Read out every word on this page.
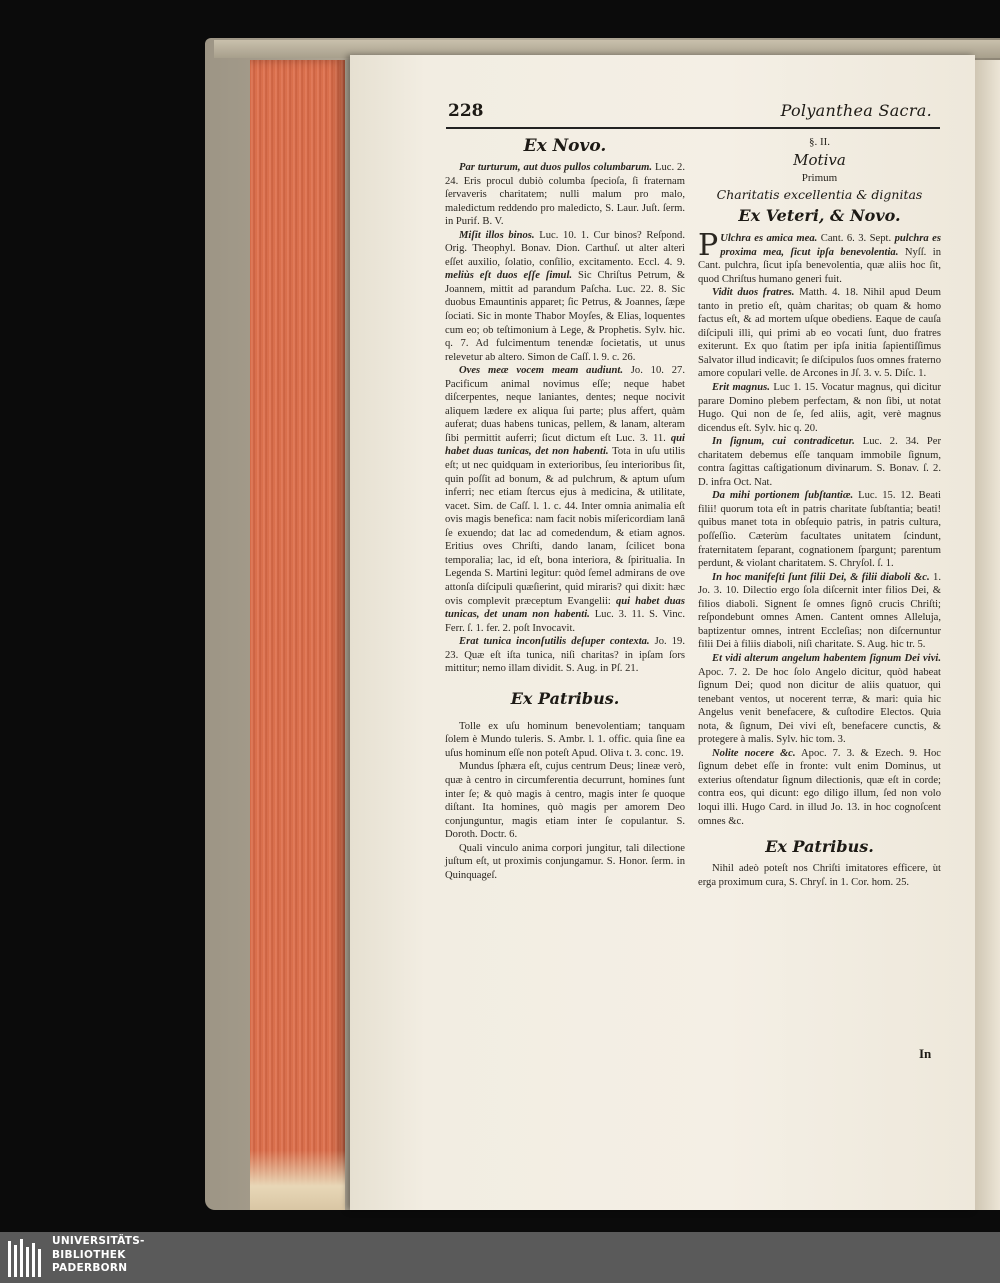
228	Polyanthea Sacra.
Ex Novo.

Par turturum, aut duos pullos columbarum. Luc. 2. 24. Eris procul dubiò columba ſpecioſa, ſi fraternam ſervaveris charitatem; nulli malum pro malo, maledictum reddendo pro maledicto, S. Laur. Juſt. ſerm. in Purif. B. V.

Miſit illos binos. Luc. 10. 1. Cur binos? Reſpond. Orig. Theophyl. Bonav. Dion. Carthuſ. ut alter alteri eſſet auxilio, ſolatio, conſilio, excitamento. Eccl. 4. 9. meliùs eſt duos eſſe ſimul. Sic Chriſtus Petrum, & Joannem, mittit ad parandum Paſcha. Luc. 22. 8. Sic duobus Emauntinis apparet; ſic Petrus, & Joannes, ſæpe ſociati. Sic in monte Thabor Moyſes, & Elias, loquentes cum eo; ob teſtimonium à Lege, & Prophetis. Sylv. hic. q. 7. Ad fulcimentum tenendæ ſocietatis, ut unus relevetur ab altero. Simon de Caſſ. l. 9. c. 26.

Oves meæ vocem meam audiunt. Jo. 10. 27. Pacificum animal novimus eſſe; neque habet diſcerpentes, neque laniantes, dentes; neque nocivit aliquem lædere ex aliqua ſui parte; plus affert, quàm auferat; duas habens tunicas, pellem, & lanam, alteram ſibi permittit auferri; ſicut dictum eſt Luc. 3. 11. qui habet duas tunicas, det non habenti. Tota in uſu utilis eſt; ut nec quidquam in exterioribus, ſeu interioribus ſit, quin poſſit ad bonum, & ad pulchrum, & aptum uſum inferri; nec etiam ſtercus ejus à medicina, & utilitate, vacet. Sim. de Caſſ. l. 1. c. 44. Inter omnia animalia eſt ovis magis benefica: nam facit nobis miſericordiam lanâ ſe exuendo; dat lac ad comedendum, & etiam agnos. Eritius oves Chriſti, dando lanam, ſcilicet bona temporalia; lac, id eſt, bona interiora, & ſpiritualia. In Legenda S. Martini legitur: quòd ſemel admirans de ove attonſa diſcipuli quæſierint, quid miraris? qui dixit: hæc ovis complevit præceptum Evangelii: qui habet duas tunicas, det unam non habenti. Luc. 3. 11. S. Vinc. Ferr. ſ. 1. fer. 2. poſt Invocavit.

Erat tunica inconſutilis deſuper contexta. Jo. 19. 23. Quæ eſt iſta tunica, niſi charitas? in ipſam ſors mittitur; nemo illam dividit. S. Aug. in Pſ. 21.

Ex Patribus.

Tolle ex uſu hominum benevolentiam; tanquam ſolem è Mundo tuleris. S. Ambr. l. 1. offic. quia ſine ea uſus hominum eſſe non poteſt Apud. Oliva t. 3. conc. 19.

Mundus ſphæra eſt, cujus centrum Deus; lineæ verò, quæ à centro in circumferentia decurrunt, homines ſunt inter ſe; & quò magis à centro, magis inter ſe quoque diſtant. Ita homines, quò magis per amorem Deo conjunguntur, magis etiam inter ſe copulantur. S. Doroth. Doctr. 6.

Quali vinculo anima corpori jungitur, tali dilectione juſtum eſt, ut proximis conjungamur. S. Honor. ſerm. in Quinquageſ.

§. II.
Motiva
Primum
Charitatis excellentia & dignitas
Ex Veteri, & Novo.

P Ulchra es amica mea. Cant. 6. 3. Sept. pulchra es proxima mea, ſicut ipſa benevolentia. Nyſſ. in Cant. pulchra, ſicut ipſa benevolentia, quæ aliis hoc ſit, quod Chriſtus humano generi fuit.

Vidit duos fratres. Matth. 4. 18. Nihil apud Deum tanto in pretio eſt, quàm charitas; ob quam & homo factus eſt, & ad mortem uſque obediens. Eaque de cauſa diſcipuli illi, qui primi ab eo vocati ſunt, duo fratres exiterunt. Ex quo ſtatim per ipſa initia ſapientiſſimus Salvator illud indicavit; ſe diſcipulos ſuos omnes fraterno amore copulari velle. de Arcones in Jſ. 3. v. 5. Diſc. 1.

Erit magnus. Luc 1. 15. Vocatur magnus, qui dicitur parare Domino plebem perfectam, & non ſibi, ut notat Hugo. Qui non de ſe, ſed aliis, agit, verè magnus dicendus eſt. Sylv. hic q. 20.

In ſignum, cui contradicetur. Luc. 2. 34. Per charitatem debemus eſſe tanquam immobile ſignum, contra ſagittas caſtigationum divinarum. S. Bonav. ſ. 2. D. infra Oct. Nat.

Da mihi portionem ſubſtantiæ. Luc. 15. 12. Beati filii! quorum tota eſt in patris charitate ſubſtantia; beati! quibus manet tota in obſequio patris, in patris cultura, poſſeſſio. Cæterùm facultates unitatem ſcindunt, fraternitatem ſeparant, cognationem ſpargunt; parentum perdunt, & violant charitatem. S. Chryſol. ſ. 1.

In hoc manifeſti ſunt filii Dei, & filii diaboli &c. 1. Jo. 3. 10. Dilectio ergo ſola diſcernit inter filios Dei, & filios diaboli. Signent ſe omnes ſignô crucis Chriſti; reſpondebunt omnes Amen. Cantent omnes Alleluja, baptizentur omnes, intrent Eccleſias; non diſcernuntur filii Dei à filiis diaboli, niſi charitate. S. Aug. hic tr. 5.

Et vidi alterum angelum habentem ſignum Dei vivi. Apoc. 7. 2. De hoc ſolo Angelo dicitur, quòd habeat ſignum Dei; quod non dicitur de aliis quatuor, qui tenebant ventos, ut nocerent terræ, & mari: quia hic Angelus venit benefacere, & cuſtodire Electos. Quia nota, & ſignum, Dei vivi eſt, benefacere cunctis, & protegere à malis. Sylv. hic tom. 3.

Nolite nocere &c. Apoc. 7. 3. & Ezech. 9. Hoc ſignum debet eſſe in fronte: vult enim Dominus, ut exterius oſtendatur ſignum dilectionis, quæ eſt in corde; contra eos, qui dicunt: ego diligo illum, ſed non volo loqui illi. Hugo Card. in illud Jo. 13. in hoc cognoſcent omnes &c.

Ex Patribus.

Nihil adeò poteſt nos Chriſti imitatores efficere, ùt erga proximum cura, S. Chryſ. in 1. Cor. hom. 25.

In
UNIVERSITÄTS-
BIBLIOTHEK
PADERBORN
